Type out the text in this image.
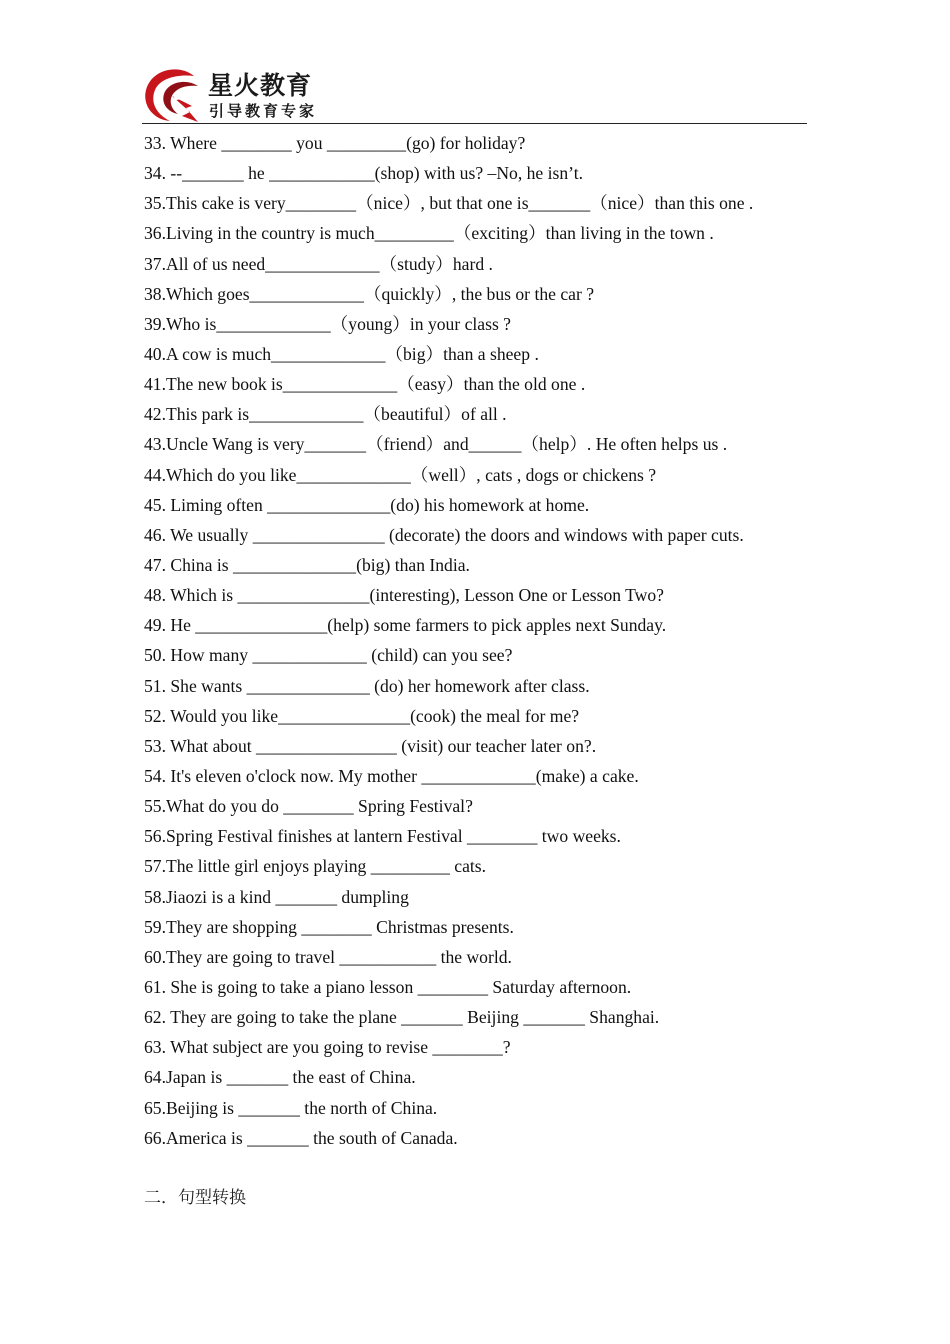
星火教育
引导教育专家
33. Where ________ you _________(go) for holiday?
34. --_______ he ____________(shop) with us? –No, he isn’t.
35.This cake is very________（nice）, but that one is_______（nice）than this one .
36.Living in the country is much_________（exciting）than living in the town .
37.All of us need_____________（study）hard .
38.Which goes_____________（quickly）, the bus or the car ?
39.Who is_____________（young）in your class ?
40.A cow is much_____________（big）than a sheep .
41.The new book is_____________（easy）than the old one .
42.This park is_____________（beautiful）of all .
43.Uncle Wang is very_______（friend）and______（help）. He often helps us .
44.Which do you like_____________（well）, cats , dogs or chickens ?
45. Liming often ______________(do) his homework at home.
46. We usually _______________ (decorate) the doors and windows with paper cuts.
47. China is ______________(big) than India.
48. Which is _______________(interesting), Lesson One or Lesson Two?
49. He _______________(help) some farmers to pick apples next Sunday.
50. How many _____________ (child) can you see?
51. She wants ______________ (do) her homework after class.
52. Would you like_______________(cook) the meal for me?
53. What about ________________ (visit) our teacher later on?.
54. It's eleven o'clock now. My mother _____________(make) a cake.
55.What do you do ________ Spring Festival?
56.Spring Festival finishes at lantern Festival ________ two weeks.
57.The little girl enjoys playing _________ cats.
58.Jiaozi is a kind _______ dumpling
59.They are shopping ________ Christmas presents.
60.They are going to travel ___________ the world.
61. She is going to take a piano lesson ________ Saturday afternoon.
62. They are going to take the plane _______ Beijing _______ Shanghai.
63. What subject are you going to revise ________?
64.Japan is _______ the east of China.
65.Beijing is _______ the north of China.
66.America is _______ the south of Canada.
二．句型转换
